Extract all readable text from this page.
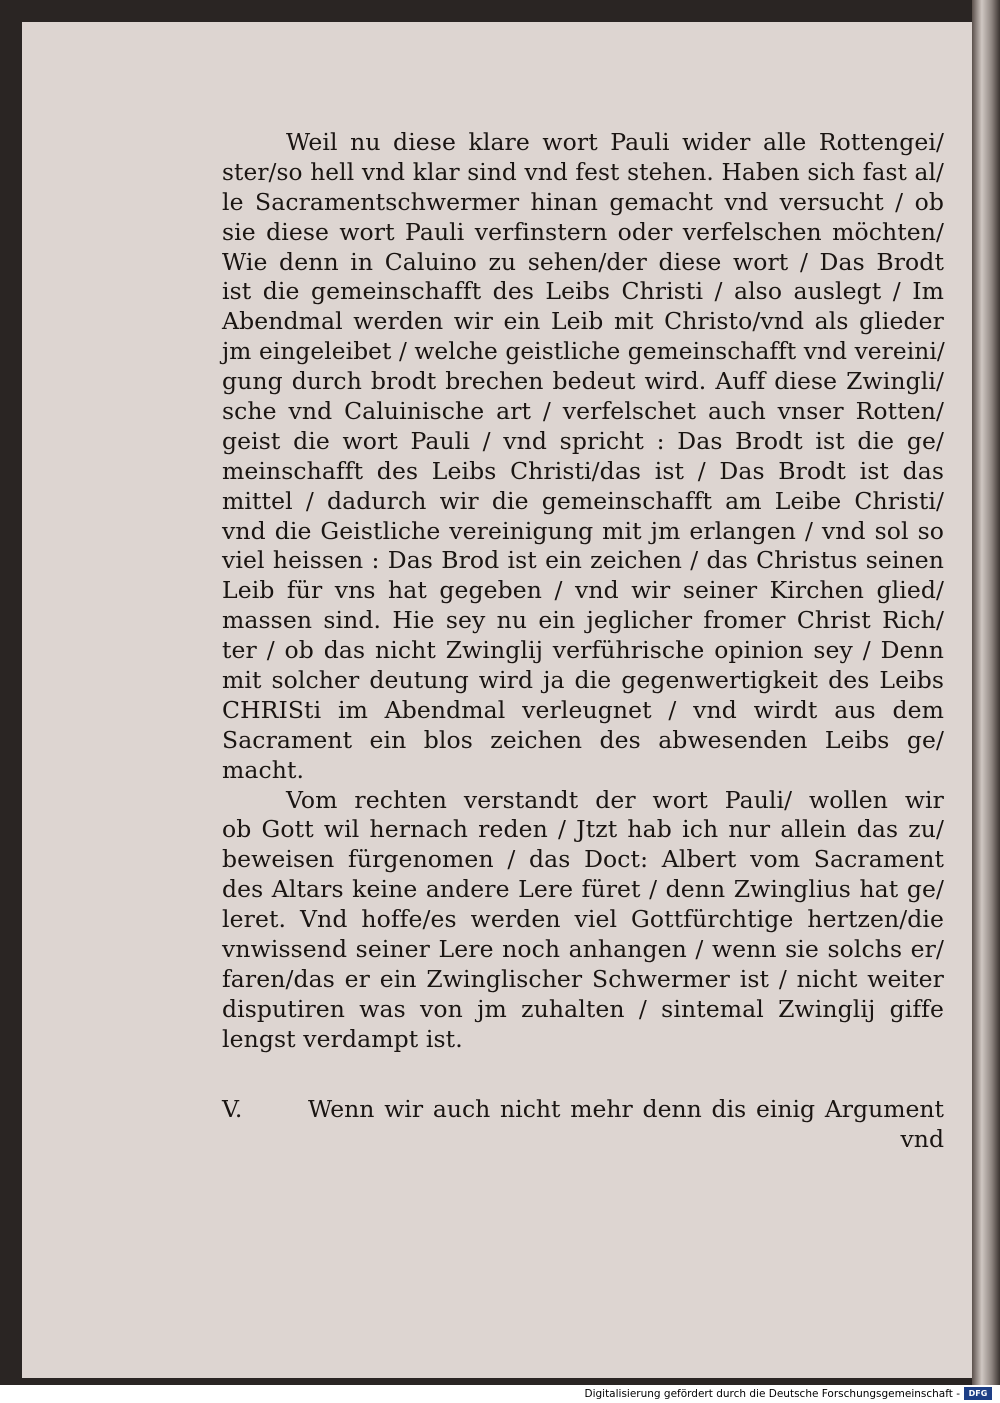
Weil nu diese klare wort Pauli wider alle Rottengei/
ster/so hell vnd klar sind vnd fest stehen. Haben sich fast al/
le Sacramentschwermer hinan gemacht vnd versucht / ob
sie diese wort Pauli verfinstern oder verfelschen möchten/
Wie denn in Caluino zu sehen/der diese wort / Das Brodt
ist die gemeinschafft des Leibs Christi / also auslegt / Im
Abendmal werden wir ein Leib mit Christo/vnd als glieder
jm eingeleibet / welche geistliche gemeinschafft vnd vereini/
gung durch brodt brechen bedeut wird. Auff diese Zwingli/
sche vnd Caluinische art / verfelschet auch vnser Rotten/
geist die wort Pauli / vnd spricht : Das Brodt ist die ge/
meinschafft des Leibs Christi/das ist / Das Brodt ist das
mittel / dadurch wir die gemeinschafft am Leibe Christi/
vnd die Geistliche vereinigung mit jm erlangen / vnd sol so
viel heissen : Das Brod ist ein zeichen / das Christus seinen
Leib für vns hat gegeben / vnd wir seiner Kirchen glied/
massen sind. Hie sey nu ein jeglicher fromer Christ Rich/
ter / ob das nicht Zwinglij verführische opinion sey / Denn
mit solcher deutung wird ja die gegenwertigkeit des Leibs
CHRISti im Abendmal verleugnet / vnd wirdt aus dem
Sacrament ein blos zeichen des abwesenden Leibs ge/
macht.
Vom rechten verstandt der wort Pauli/ wollen wir
ob Gott wil hernach reden / Jtzt hab ich nur allein das zu/
beweisen fürgenomen / das Doct: Albert vom Sacrament
des Altars keine andere Lere füret / denn Zwinglius hat ge/
leret. Vnd hoffe/es werden viel Gottfürchtige hertzen/die
vnwissend seiner Lere noch anhangen / wenn sie solchs er/
faren/das er ein Zwinglischer Schwermer ist / nicht weiter
disputiren was von jm zuhalten / sintemal Zwinglij giffe
lengst verdampt ist.
V.	Wenn wir auch nicht mehr denn dis einig Argument
vnd
Digitalisierung gefördert durch die Deutsche Forschungsgemeinschaft -	DFG
